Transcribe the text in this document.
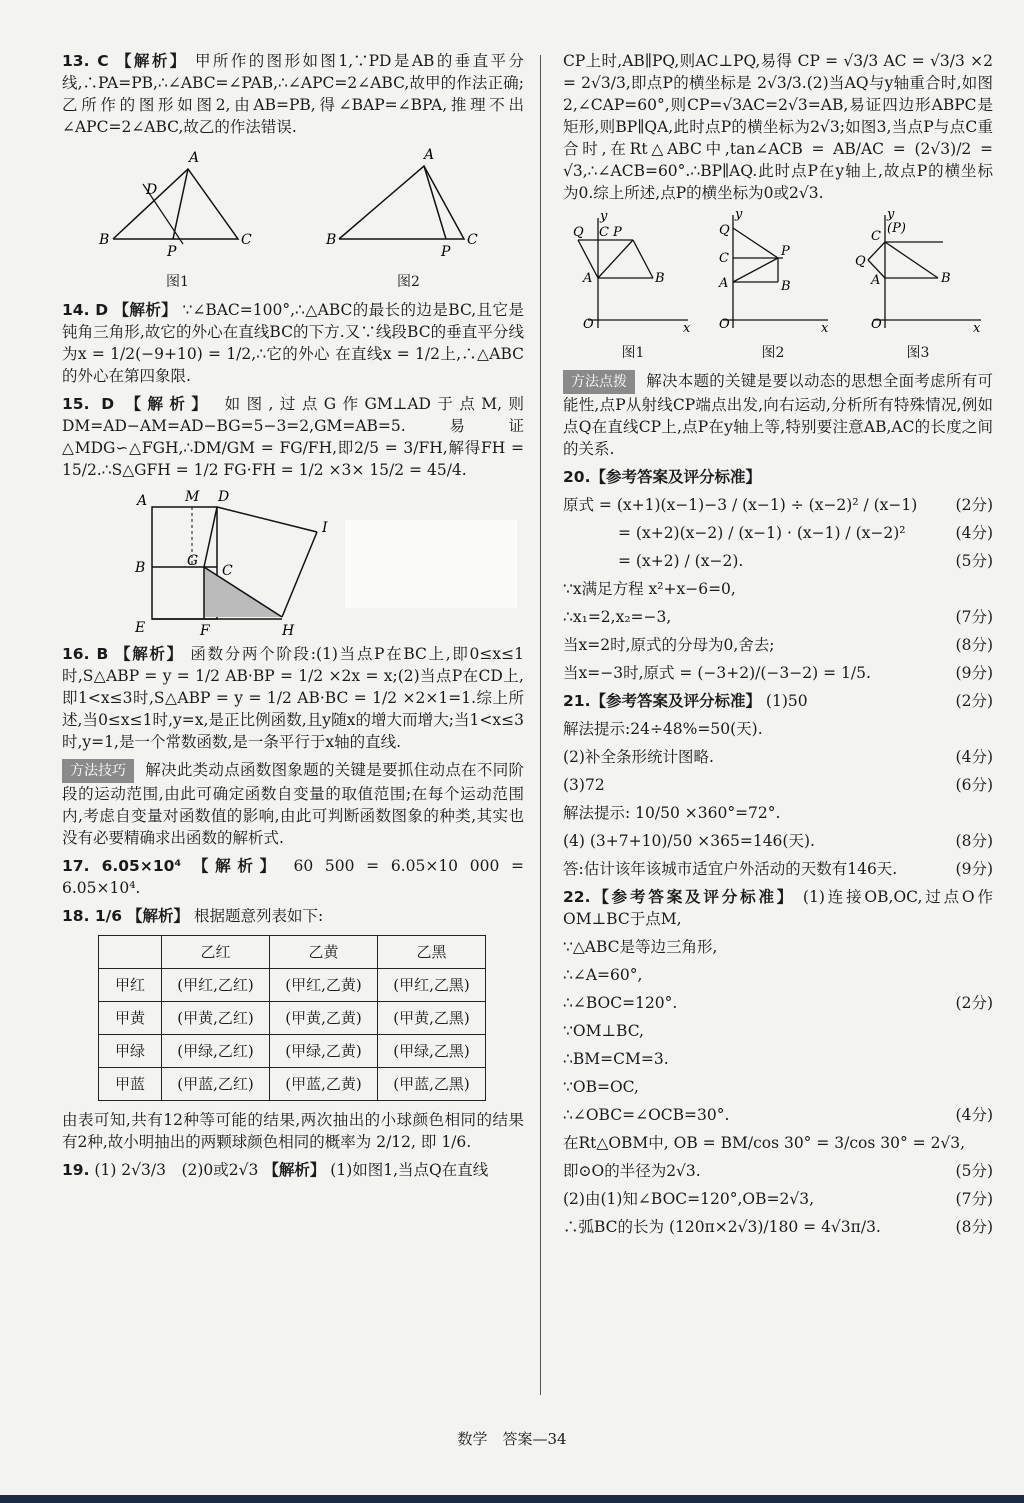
13. C 【解析】 甲所作的图形如图1,∵PD是AB的垂直平分线,∴PA=PB,∴∠ABC=∠PAB,∴∠APC=2∠ABC,故甲的作法正确;乙所作的图形如图2,由AB=PB,得∠BAP=∠BPA,推理不出∠APC=2∠ABC,故乙的作法错误.

A
B	C
D
P
图1
A
B	C
P
图2

14. D 【解析】 ∵∠BAC=100°,∴△ABC的最长的边是BC,且它是钝角三角形,故它的外心在直线BC的下方.又∵线段BC的垂直平分线为x = 1/2(−9+10) = 1/2,∴它的外心 在直线x = 1/2上,∴△ABC的外心在第四象限.

15. D 【解析】 如图,过点G作GM⊥AD于点M,则DM=AD−AM=AD−BG=5−3=2,GM=AB=5.易证△MDG∽△FGH,∴DM/GM = FG/FH,即2/5 = 3/FH,解得FH = 15/2.∴S△GFH = 1/2 FG·FH = 1/2 ×3× 15/2 = 45/4.

A	M D
B	G
C
I
E	F	H

16. B 【解析】 函数分两个阶段:(1)当点P在BC上,即0≤x≤1时,S△ABP = y = 1/2 AB·BP = 1/2 ×2x = x;(2)当点P在CD上,即1<x≤3时,S△ABP = y = 1/2 AB·BC = 1/2 ×2×1=1.综上所述,当0≤x≤1时,y=x,是正比例函数,且y随x的增大而增大;当1<x≤3时,y=1,是一个常数函数,是一条平行于x轴的直线.

方法技巧 解决此类动点函数图象题的关键是要抓住动点在不同阶段的运动范围,由此可确定函数自变量的取值范围;在每个运动范围内,考虑自变量对函数值的影响,由此可判断函数图象的种类,其实也没有必要精确求出函数的解析式.

17. 6.05×10⁴ 【解析】 60 500 = 6.05×10 000 = 6.05×10⁴.

18. 1/6 【解析】 根据题意列表如下:

	乙红	乙黄	乙黑
甲红	(甲红,乙红)	(甲红,乙黄)	(甲红,乙黑)
甲黄	(甲黄,乙红)	(甲黄,乙黄)	(甲黄,乙黑)
甲绿	(甲绿,乙红)	(甲绿,乙黄)	(甲绿,乙黑)
甲蓝	(甲蓝,乙红)	(甲蓝,乙黄)	(甲蓝,乙黑)

由表可知,共有12种等可能的结果,两次抽出的小球颜色相同的结果有2种,故小明抽出的两颗球颜色相同的概率为 2/12, 即 1/6.

19. (1) 2√3/3　(2)0或2√3 【解析】 (1)如图1,当点Q在直线

CP上时,AB∥PQ,则AC⊥PQ,易得 CP = √3/3 AC = √3/3 ×2 = 2√3/3,即点P的横坐标是 2√3/3.(2)当AQ与y轴重合时,如图2,∠CAP=60°,则CP=√3AC=2√3=AB,易证四边形ABPC是矩形,则BP∥QA,此时点P的横坐标为2√3;如图3,当点P与点C重合时,在Rt△ABC中,tan∠ACB = AB/AC = (2√3)/2 = √3,∴∠ACB=60°.∴BP∥AQ.此时点P在y轴上,故点P的横坐标为0.综上所述,点P的横坐标为0或2√3.

y
Q C P
A	B
O	x
图1
y
Q
C	P
A	B
O	x
图2
y
(P)
C
Q
A	B
O	x
图3

方法点拨 解决本题的关键是要以动态的思想全面考虑所有可能性,点P从射线CP端点出发,向右运动,分析所有特殊情况,例如点Q在直线CP上,点P在y轴上等,特别要注意AB,AC的长度之间的关系.

20.【参考答案及评分标准】

原式 = (x+1)(x−1)−3 / (x−1) ÷ (x−2)² / (x−1)	(2分)
= (x+2)(x−2) / (x−1) · (x−1) / (x−2)²	(4分)
= (x+2) / (x−2).	(5分)
∵x满足方程 x²+x−6=0,
∴x₁=2,x₂=−3,	(7分)
当x=2时,原式的分母为0,舍去;	(8分)
当x=−3时,原式 = (−3+2)/(−3−2) = 1/5.	(9分)
21.【参考答案及评分标准】 (1)50	(2分)
解法提示:24÷48%=50(天).
(2)补全条形统计图略.	(4分)
(3)72	(6分)
解法提示: 10/50 ×360°=72°.
(4) (3+7+10)/50 ×365=146(天).	(8分)
答:估计该年该城市适宜户外活动的天数有146天.	(9分)

22.【参考答案及评分标准】 (1)连接OB,OC,过点O作OM⊥BC于点M,

∵△ABC是等边三角形,
∴∠A=60°,
∴∠BOC=120°.	(2分)
∵OM⊥BC,
∴BM=CM=3.
∵OB=OC,
∴∠OBC=∠OCB=30°.	(4分)
在Rt△OBM中, OB = BM/cos 30° = 3/cos 30° = 2√3,
即⊙O的半径为2√3.	(5分)
(2)由(1)知∠BOC=120°,OB=2√3,	(7分)
∴弧BC的长为 (120π×2√3)/180 = 4√3π/3.	(8分)
数学　答案—34
